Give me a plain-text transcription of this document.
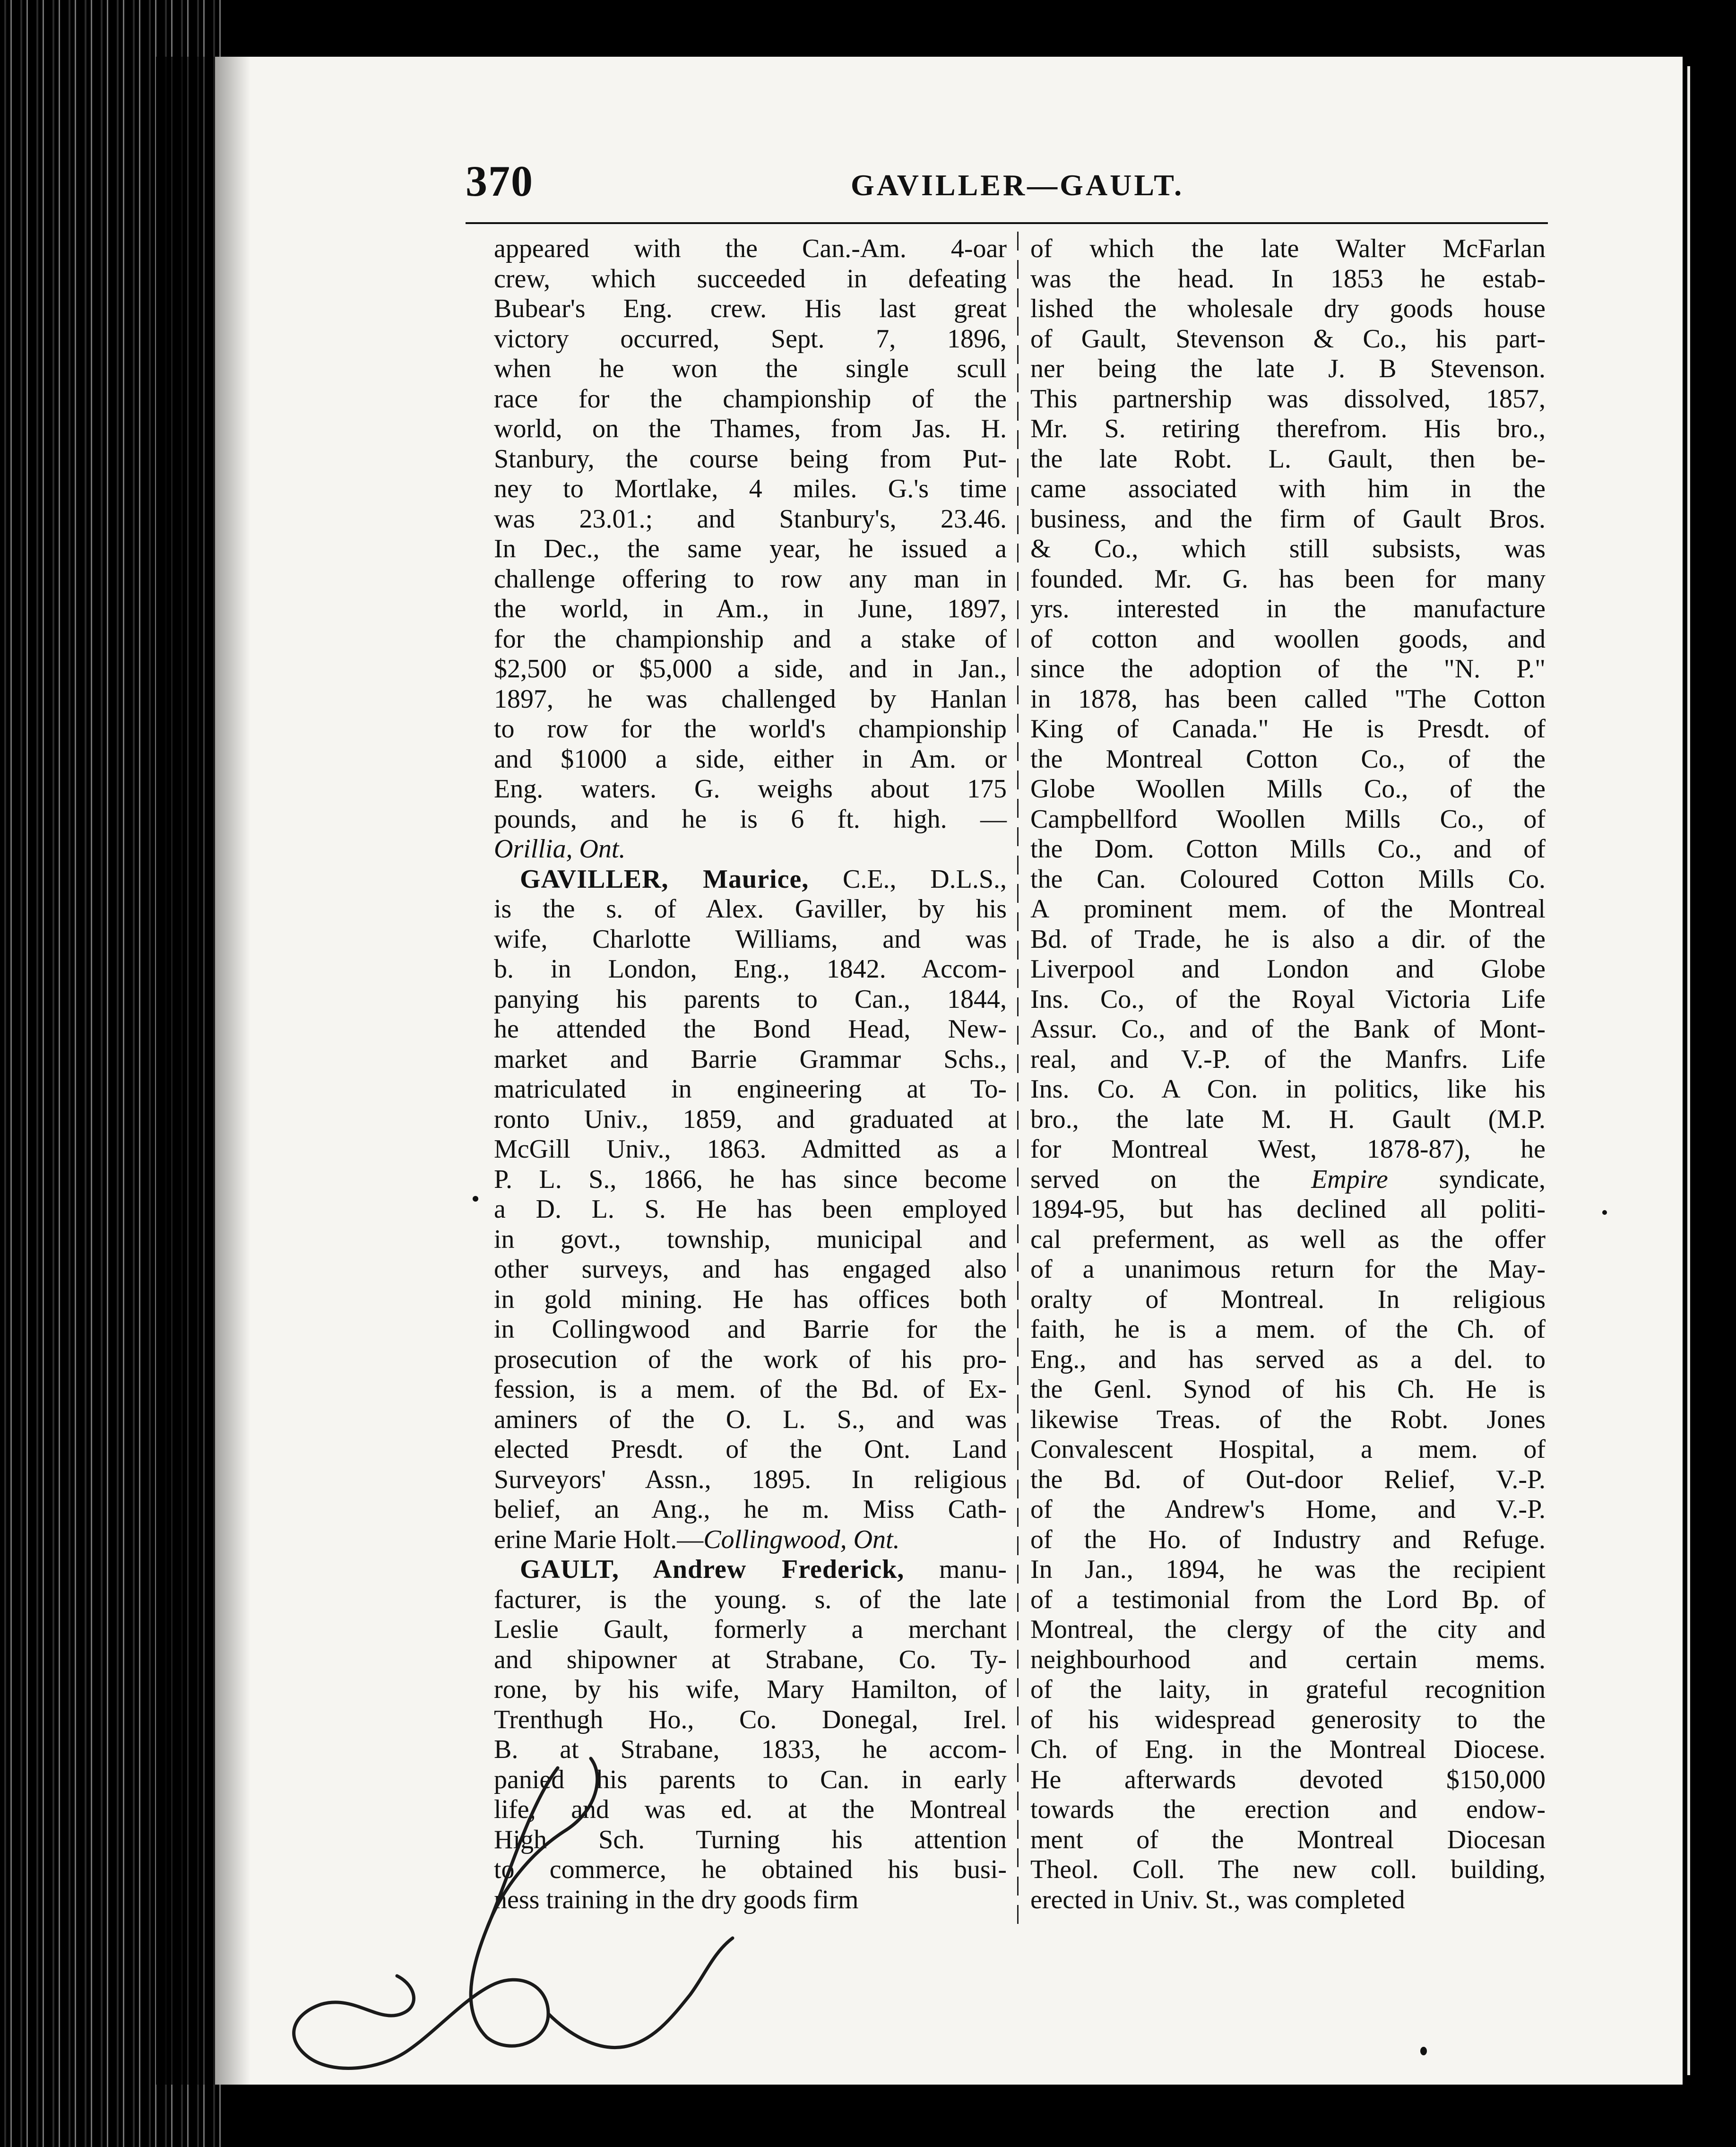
370	GAVILLER—GAULT.
appeared with the Can.-Am. 4-oar
crew, which succeeded in defeating
Bubear's Eng. crew. His last great
victory occurred, Sept. 7, 1896,
when he won the single scull
race for the championship of the
world, on the Thames, from Jas. H.
Stanbury, the course being from Put-
ney to Mortlake, 4 miles. G.'s time
was 23.01.; and Stanbury's, 23.46.
In Dec., the same year, he issued a
challenge offering to row any man in
the world, in Am., in June, 1897,
for the championship and a stake of
$2,500 or $5,000 a side, and in Jan.,
1897, he was challenged by Hanlan
to row for the world's championship
and $1000 a side, either in Am. or
Eng. waters. G. weighs about 175
pounds, and he is 6 ft. high. —
Orillia, Ont.
GAVILLER, Maurice, C.E., D.L.S.,
is the s. of Alex. Gaviller, by his
wife, Charlotte Williams, and was
b. in London, Eng., 1842. Accom-
panying his parents to Can., 1844,
he attended the Bond Head, New-
market and Barrie Grammar Schs.,
matriculated in engineering at To-
ronto Univ., 1859, and graduated at
McGill Univ., 1863. Admitted as a
P. L. S., 1866, he has since become
a D. L. S. He has been employed
in govt., township, municipal and
other surveys, and has engaged also
in gold mining. He has offices both
in Collingwood and Barrie for the
prosecution of the work of his pro-
fession, is a mem. of the Bd. of Ex-
aminers of the O. L. S., and was
elected Presdt. of the Ont. Land
Surveyors' Assn., 1895. In religious
belief, an Ang., he m. Miss Cath-
erine Marie Holt.—Collingwood, Ont.
GAULT, Andrew Frederick, manu-
facturer, is the young. s. of the late
Leslie Gault, formerly a merchant
and shipowner at Strabane, Co. Ty-
rone, by his wife, Mary Hamilton, of
Trenthugh Ho., Co. Donegal, Irel.
B. at Strabane, 1833, he accom-
panied his parents to Can. in early
life, and was ed. at the Montreal
High Sch. Turning his attention
to commerce, he obtained his busi-
ness training in the dry goods firm
of which the late Walter McFarlan
was the head. In 1853 he estab-
lished the wholesale dry goods house
of Gault, Stevenson & Co., his part-
ner being the late J. B Stevenson.
This partnership was dissolved, 1857,
Mr. S. retiring therefrom. His bro.,
the late Robt. L. Gault, then be-
came associated with him in the
business, and the firm of Gault Bros.
& Co., which still subsists, was
founded. Mr. G. has been for many
yrs. interested in the manufacture
of cotton and woollen goods, and
since the adoption of the "N. P."
in 1878, has been called "The Cotton
King of Canada." He is Presdt. of
the Montreal Cotton Co., of the
Globe Woollen Mills Co., of the
Campbellford Woollen Mills Co., of
the Dom. Cotton Mills Co., and of
the Can. Coloured Cotton Mills Co.
A prominent mem. of the Montreal
Bd. of Trade, he is also a dir. of the
Liverpool and London and Globe
Ins. Co., of the Royal Victoria Life
Assur. Co., and of the Bank of Mont-
real, and V.-P. of the Manfrs. Life
Ins. Co. A Con. in politics, like his
bro., the late M. H. Gault (M.P.
for Montreal West, 1878-87), he
served on the Empire syndicate,
1894-95, but has declined all politi-
cal preferment, as well as the offer
of a unanimous return for the May-
oralty of Montreal. In religious
faith, he is a mem. of the Ch. of
Eng., and has served as a del. to
the Genl. Synod of his Ch. He is
likewise Treas. of the Robt. Jones
Convalescent Hospital, a mem. of
the Bd. of Out-door Relief, V.-P.
of the Andrew's Home, and V.-P.
of the Ho. of Industry and Refuge.
In Jan., 1894, he was the recipient
of a testimonial from the Lord Bp. of
Montreal, the clergy of the city and
neighbourhood and certain mems.
of the laity, in grateful recognition
of his widespread generosity to the
Ch. of Eng. in the Montreal Diocese.
He afterwards devoted $150,000
towards the erection and endow-
ment of the Montreal Diocesan
Theol. Coll. The new coll. building,
erected in Univ. St., was completed
